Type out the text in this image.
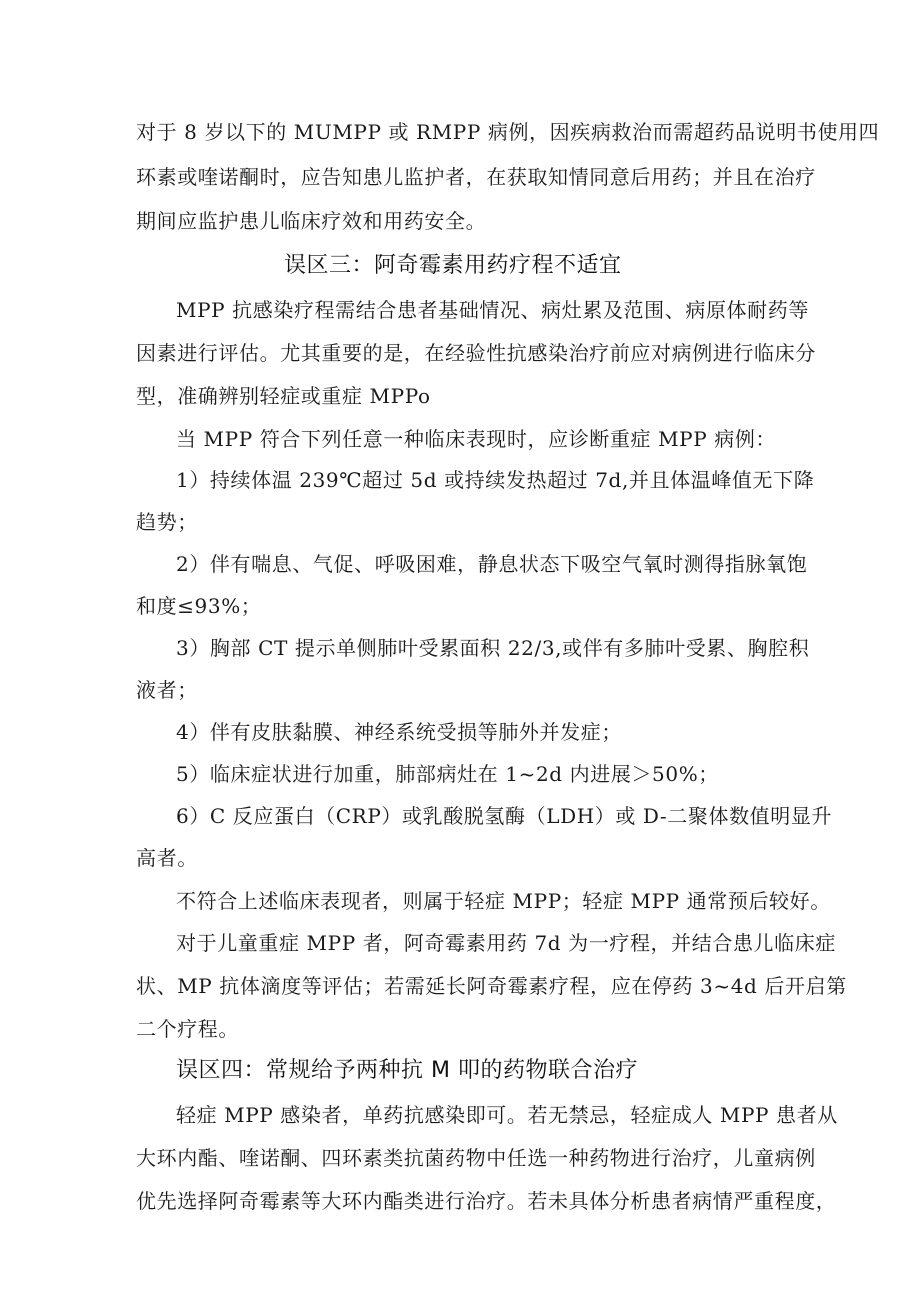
对于 8 岁以下的 MUMPP 或 RMPP 病例，因疾病救治而需超药品说明书使用四
环素或喹诺酮时，应告知患儿监护者，在获取知情同意后用药；并且在治疗
期间应监护患儿临床疗效和用药安全。
误区三：阿奇霉素用药疗程不适宜
MPP 抗感染疗程需结合患者基础情况、病灶累及范围、病原体耐药等
因素进行评估。尤其重要的是，在经验性抗感染治疗前应对病例进行临床分
型，准确辨别轻症或重症 MPPo
当 MPP 符合下列任意一种临床表现时，应诊断重症 MPP 病例：
1）持续体温 239℃超过 5d 或持续发热超过 7d,并且体温峰值无下降
趋势；
2）伴有喘息、气促、呼吸困难，静息状态下吸空气氧时测得指脉氧饱
和度≤93%；
3）胸部 CT 提示单侧肺叶受累面积 22/3,或伴有多肺叶受累、胸腔积
液者；
4）伴有皮肤黏膜、神经系统受损等肺外并发症；
5）临床症状进行加重，肺部病灶在 1~2d 内进展＞50%；
6）C 反应蛋白（CRP）或乳酸脱氢酶（LDH）或 D-二聚体数值明显升
高者。
不符合上述临床表现者，则属于轻症 MPP；轻症 MPP 通常预后较好。
对于儿童重症 MPP 者，阿奇霉素用药 7d 为一疗程，并结合患儿临床症
状、MP 抗体滴度等评估；若需延长阿奇霉素疗程，应在停药 3~4d 后开启第
二个疗程。
误区四：常规给予两种抗 M 叩的药物联合治疗
轻症 MPP 感染者，单药抗感染即可。若无禁忌，轻症成人 MPP 患者从
大环内酯、喹诺酮、四环素类抗菌药物中任选一种药物进行治疗，儿童病例
优先选择阿奇霉素等大环内酯类进行治疗。若未具体分析患者病情严重程度，
